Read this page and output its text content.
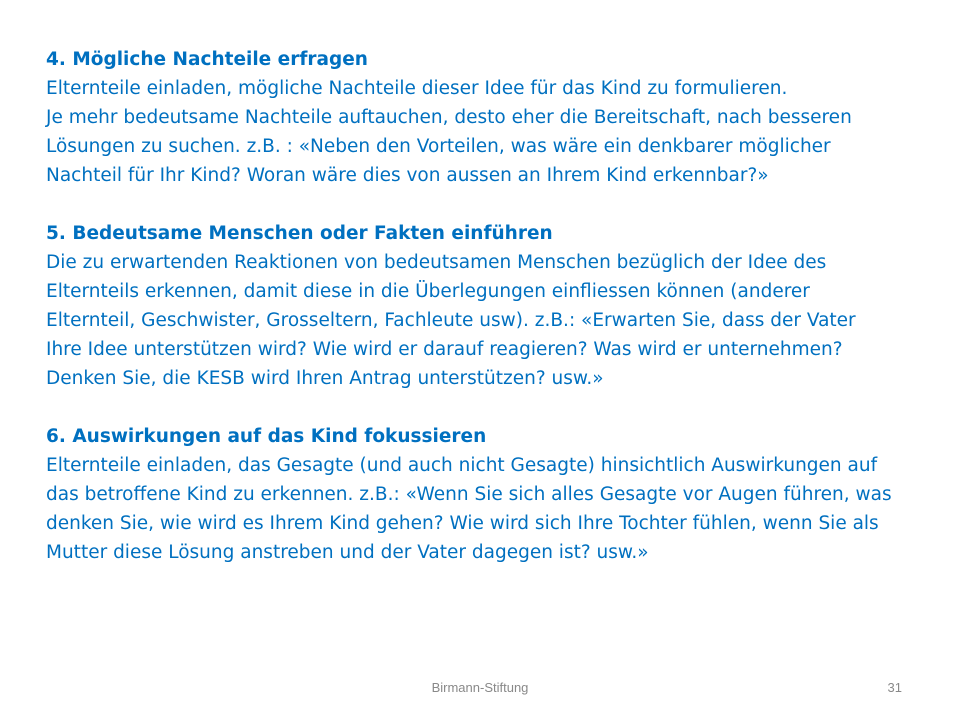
4. Mögliche Nachteile erfragen
Elternteile einladen, mögliche Nachteile dieser Idee für das Kind zu formulieren.
Je mehr bedeutsame Nachteile auftauchen, desto eher die Bereitschaft, nach besseren
Lösungen zu suchen. z.B. : «Neben den Vorteilen, was wäre ein denkbarer möglicher
Nachteil für Ihr Kind? Woran wäre dies von aussen an Ihrem Kind erkennbar?»
5. Bedeutsame Menschen oder Fakten einführen
Die zu erwartenden Reaktionen von bedeutsamen Menschen bezüglich der Idee des
Elternteils erkennen, damit diese in die Überlegungen einfliessen können (anderer
Elternteil, Geschwister, Grosseltern, Fachleute usw). z.B.: «Erwarten Sie, dass der Vater
Ihre Idee unterstützen wird? Wie wird er darauf reagieren? Was wird er unternehmen?
Denken Sie, die KESB wird Ihren Antrag unterstützen? usw.»
6. Auswirkungen auf das Kind fokussieren
Elternteile einladen, das Gesagte (und auch nicht Gesagte) hinsichtlich Auswirkungen auf
das betroffene Kind zu erkennen. z.B.: «Wenn Sie sich alles Gesagte vor Augen führen, was
denken Sie, wie wird es Ihrem Kind gehen? Wie wird sich Ihre Tochter fühlen, wenn Sie als
Mutter diese Lösung anstreben und der Vater dagegen ist? usw.»
Birmann-Stiftung	31
